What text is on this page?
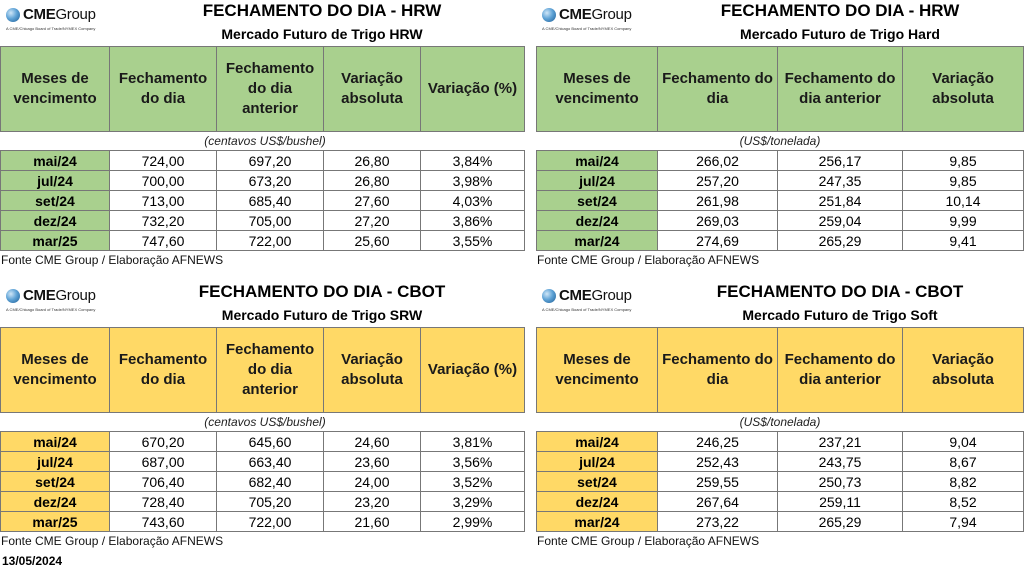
CMEGroup
A CME/Chicago Board of Trade/NYMEX Company
FECHAMENTO DO DIA - HRW
Mercado Futuro de Trigo HRW
Meses de vencimento	Fechamento do dia	Fechamento do dia anterior	Variação absoluta	Variação (%)
	(centavos US$/bushel)			
mai/24	724,00	697,20	26,80	3,84%
jul/24	700,00	673,20	26,80	3,98%
set/24	713,00	685,40	27,60	4,03%
dez/24	732,20	705,00	27,20	3,86%
mar/25	747,60	722,00	25,60	3,55%
Fonte CME Group / Elaboração AFNEWS
CMEGroup
A CME/Chicago Board of Trade/NYMEX Company
FECHAMENTO DO DIA - HRW
Mercado Futuro de Trigo Hard
Meses de vencimento	Fechamento do dia	Fechamento do dia anterior	Variação absoluta
	(US$/tonelada)		
mai/24	266,02	256,17	9,85
jul/24	257,20	247,35	9,85
set/24	261,98	251,84	10,14
dez/24	269,03	259,04	9,99
mar/24	274,69	265,29	9,41
Fonte CME Group / Elaboração AFNEWS
CMEGroup
A CME/Chicago Board of Trade/NYMEX Company
FECHAMENTO DO DIA - CBOT
Mercado Futuro de Trigo SRW
Meses de vencimento	Fechamento do dia	Fechamento do dia anterior	Variação absoluta	Variação (%)
	(centavos US$/bushel)			
mai/24	670,20	645,60	24,60	3,81%
jul/24	687,00	663,40	23,60	3,56%
set/24	706,40	682,40	24,00	3,52%
dez/24	728,40	705,20	23,20	3,29%
mar/25	743,60	722,00	21,60	2,99%
Fonte CME Group / Elaboração AFNEWS
CMEGroup
A CME/Chicago Board of Trade/NYMEX Company
FECHAMENTO DO DIA - CBOT
Mercado Futuro de Trigo Soft
Meses de vencimento	Fechamento do dia	Fechamento do dia anterior	Variação absoluta
	(US$/tonelada)		
mai/24	246,25	237,21	9,04
jul/24	252,43	243,75	8,67
set/24	259,55	250,73	8,82
dez/24	267,64	259,11	8,52
mar/24	273,22	265,29	7,94
Fonte CME Group / Elaboração AFNEWS
13/05/2024
